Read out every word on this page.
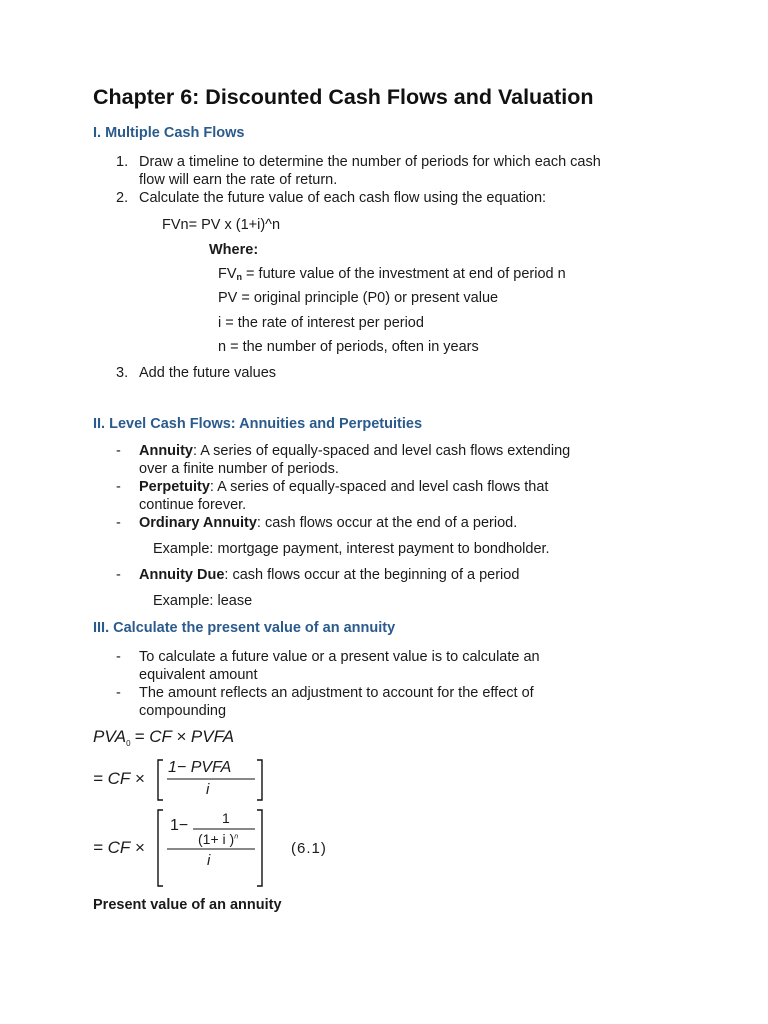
Chapter 6: Discounted Cash Flows and Valuation
I. Multiple Cash Flows
1. Draw a timeline to determine the number of periods for which each cash
flow will earn the rate of return.
2. Calculate the future value of each cash flow using the equation:
FVn= PV x (1+i)^n
Where:
$FV_n$ = future value of the investment at end of period n
PV = original principle (P0) or present value
i = the rate of interest per period
n = the number of periods, often in years
3. Add the future values
II. Level Cash Flows: Annuities and Perpetuities
- Annuity: A series of equally-spaced and level cash flows extending
over a finite number of periods.
- Perpetuity: A series of equally-spaced and level cash flows that
continue forever.
- Ordinary Annuity: cash flows occur at the end of a period.
Example: mortgage payment, interest payment to bondholder.
- Annuity Due: cash flows occur at the beginning of a period
Example: lease
III. Calculate the present value of an annuity
- To calculate a future value or a present value is to calculate an
equivalent amount
- The amount reflects an adjustment to account for the effect of
compounding
$PVA_0$ = CF × PVFA
= CF ×
1− PVFA
i
= CF ×
1− 1
(1+ i )$^n$
i
(6.1)
Present value of an annuity
